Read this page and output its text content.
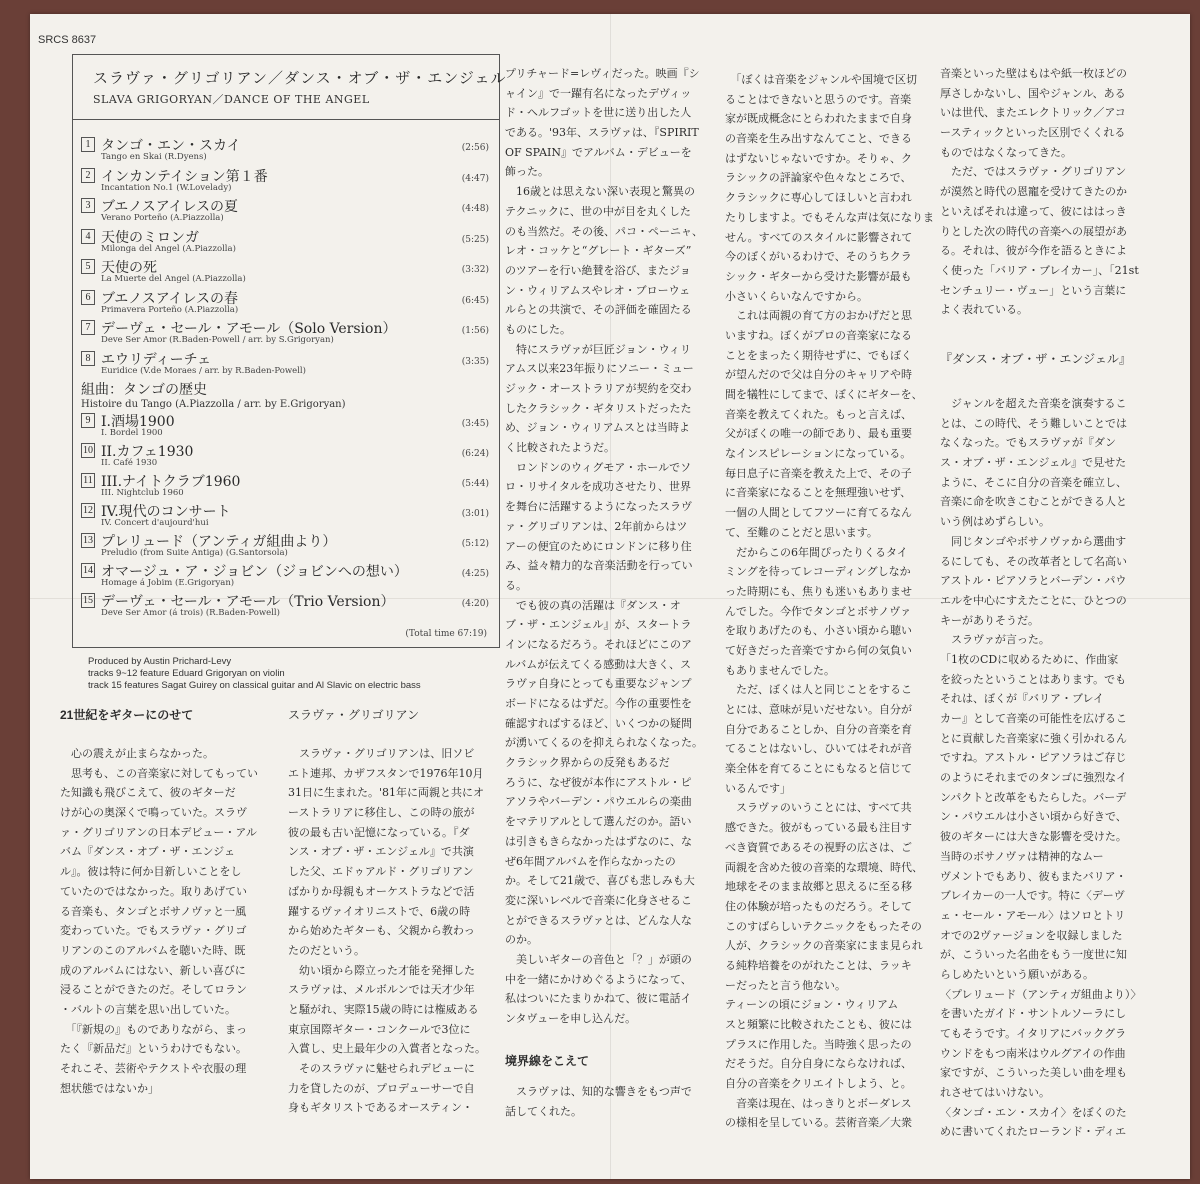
SRCS 8637
スラヴァ・グリゴリアン／ダンス・オブ・ザ・エンジェル
SLAVA GRIGORYAN／DANCE OF THE ANGEL
1 タンゴ・エン・スカイ
Tango en Skai (R.Dyens)
(2:56)
2 インカンテイション第１番
Incantation No.1 (W.Lovelady)
(4:47)
3 ブエノスアイレスの夏
Verano Porteño (A.Piazzolla)
(4:48)
4 天使のミロンガ
Milonga del Angel (A.Piazzolla)
(5:25)
5 天使の死
La Muerte del Angel (A.Piazzolla)
(3:32)
6 ブエノスアイレスの春
Primavera Porteño (A.Piazzolla)
(6:45)
7 デーヴェ・セール・アモール（Solo Version）
Deve Ser Amor (R.Baden-Powell / arr. by S.Grigoryan)
(1:56)
8 エウリディーチェ
Euridice (V.de Moraes / arr. by R.Baden-Powell)
(3:35)
組曲：タンゴの歴史
Histoire du Tango (A.Piazzolla / arr. by E.Grigoryan)
9 I.酒場1900
I. Bordel 1900
(3:45)
10 II.カフェ1930
II. Café 1930
(6:24)
11 III.ナイトクラブ1960
III. Nightclub 1960
(5:44)
12 IV.現代のコンサート
IV. Concert d'aujourd'hui
(3:01)
13 プレリュード（アンティガ組曲より）
Preludio (from Suite Antiga) (G.Santorsola)
(5:12)
14 オマージュ・ア・ジョビン（ジョビンへの想い）
Homage á Jobim (E.Grigoryan)
(4:25)
15 デーヴェ・セール・アモール（Trio Version）
Deve Ser Amor (á trois) (R.Baden-Powell)
(4:20)
(Total time 67:19)
Produced by Austin Prichard-Levy
tracks 9~12 feature Eduard Grigoryan on violin
track 15 features Sagat Guirey on classical guitar and Al Slavic on electric bass
21世紀をギターにのせて	スラヴァ・グリゴリアン
境界線をこえて
『ダンス・オブ・ザ・エンジェル』
　心の震えが止まらなかった。
　思考も、この音楽家に対してもってい
た知識も飛びこえて、彼のギターだ
けが心の奥深くで鳴っていた。スラヴ
ァ・グリゴリアンの日本デビュー・アル
バム『ダンス・オブ・ザ・エンジェ
ル』。彼は特に何か目新しいことをし
ていたのではなかった。取りあげてい
る音楽も、タンゴとボサノヴァと一風
変わっていた。でもスラヴァ・グリゴ
リアンのこのアルバムを聴いた時、既
成のアルバムにはない、新しい喜びに
浸ることができたのだ。そしてロラン
・バルトの言葉を思い出していた。
　「『新規の』ものでありながら、まっ
たく『新品だ』というわけでもない。
それこそ、芸術やテクストや衣服の理
想状態ではないか」
　スラヴァ・グリゴリアンは、旧ソビ
エト連邦、カザフスタンで1976年10月
31日に生まれた。'81年に両親と共にオ
ーストラリアに移住し、この時の旅が
彼の最も古い記憶になっている。『ダ
ンス・オブ・ザ・エンジェル』で共演
した父、エドゥアルド・グリゴリアン
ばかりか母親もオーケストラなどで活
躍するヴァイオリニストで、6歳の時
から始めたギターも、父親から教わっ
たのだという。
　幼い頃から際立った才能を発揮した
スラヴァは、メルボルンでは天才少年
と騒がれ、実際15歳の時には権威ある
東京国際ギター・コンクールで3位に
入賞し、史上最年少の入賞者となった。
　そのスラヴァに魅せられデビューに
力を貸したのが、プロデューサーで自
身もギタリストであるオースティン・
プリチャード=レヴィだった。映画『シ
ャイン』で一躍有名になったデヴィッ
ド・ヘルフゴットを世に送り出した人
である。'93年、スラヴァは、『SPIRIT
OF SPAIN』でアルバム・デビューを
飾った。
　16歳とは思えない深い表現と驚異の
テクニックに、世の中が目を丸くした
のも当然だ。その後、パコ・ペーニャ、
レオ・コッケと“グレート・ギターズ”
のツアーを行い絶賛を浴び、またジョ
ン・ウィリアムスやレオ・ブローウェ
ルらとの共演で、その評価を確固たる
ものにした。
　特にスラヴァが巨匠ジョン・ウィリ
アムス以来23年振りにソニー・ミュー
ジック・オーストラリアが契約を交わ
したクラシック・ギタリストだったた
め、ジョン・ウィリアムスとは当時よ
く比較されたようだ。
　ロンドンのウィグモア・ホールでソ
ロ・リサイタルを成功させたり、世界
を舞台に活躍するようになったスラヴ
ァ・グリゴリアンは、2年前からはツ
アーの便宜のためにロンドンに移り住
み、益々精力的な音楽活動を行ってい
る。
　でも彼の真の活躍は『ダンス・オ
ブ・ザ・エンジェル』が、スタートラ
インになるだろう。それほどにこのア
ルバムが伝えてくる感動は大きく、ス
ラヴァ自身にとっても重要なジャンプ
ボードになるはずだ。今作の重要性を
確認すればするほど、いくつかの疑問
が湧いてくるのを抑えられなくなった。
クラシック界からの反発もあるだ
ろうに、なぜ彼が本作にアストル・ピ
アソラやバーデン・パウエルらの楽曲
をマテリアルとして選んだのか。語い
は引きもきらなかったはずなのに、な
ぜ6年間アルバムを作らなかったの
か。そして21歳で、喜びも悲しみも大
変に深いレベルで音楽に化身させるこ
とができるスラヴァとは、どんな人な
のか。
　美しいギターの音色と「？」が頭の
中を一緒にかけめぐるようになって、
私はついにたまりかねて、彼に電話イ
ンタヴューを申し込んだ。
　スラヴァは、知的な響きをもつ声で
話してくれた。
　「ぼくは音楽をジャンルや国境で区切
ることはできないと思うのです。音楽
家が既成概念にとらわれたままで自身
の音楽を生み出すなんてこと、できる
はずないじゃないですか。そりゃ、ク
ラシックの評論家や色々なところで、
クラシックに専心してほしいと言われ
たりしますよ。でもそんな声は気になりま
せん。すべてのスタイルに影響されて
今のぼくがいるわけで、そのうちクラ
シック・ギターから受けた影響が最も
小さいくらいなんですから。
　これは両親の育て方のおかげだと思
いますね。ぼくがプロの音楽家になる
ことをまったく期待せずに、でもぼく
が望んだので父は自分のキャリアや時
間を犠牲にしてまで、ぼくにギターを、
音楽を教えてくれた。もっと言えば、
父がぼくの唯一の師であり、最も重要
なインスピレーションになっている。
毎日息子に音楽を教えた上で、その子
に音楽家になることを無理強いせず、
一個の人間としてフツーに育てるなん
て、至難のことだと思います。
　だからこの6年間ぴったりくるタイ
ミングを待ってレコーディングしなか
った時期にも、焦りも迷いもありませ
んでした。今作でタンゴとボサノヴァ
を取りあげたのも、小さい頃から聴い
て好きだった音楽ですから何の気負い
もありませんでした。
　ただ、ぼくは人と同じことをするこ
とには、意味が見いだせない。自分が
自分であることしか、自分の音楽を育
てることはないし、ひいてはそれが音
楽全体を育てることにもなると信じて
いるんです」
　スラヴァのいうことには、すべて共
感できた。彼がもっている最も注目す
べき資質であるその視野の広さは、ご
両親を含めた彼の音楽的な環境、時代、
地球をそのまま故郷と思えるに至る移
住の体験が培ったものだろう。そして
このすばらしいテクニックをもったその
人が、クラシックの音楽家にまま見られ
る純粋培養をのがれたことは、ラッキ
ーだったと言う他ない。
ティーンの頃にジョン・ウィリアム
スと頻繁に比較されたことも、彼には
プラスに作用した。当時強く思ったの
だそうだ。自分自身にならなければ、
自分の音楽をクリエイトしよう、と。
　音楽は現在、はっきりとボーダレス
の様相を呈している。芸術音楽／大衆
音楽といった壁はもはや紙一枚ほどの
厚さしかないし、国やジャンル、ある
いは世代、またエレクトリック／アコ
ースティックといった区別でくくれる
ものではなくなってきた。
　ただ、ではスラヴァ・グリゴリアン
が漠然と時代の恩寵を受けてきたのか
といえばそれは違って、彼にははっき
りとした次の時代の音楽への展望があ
る。それは、彼が今作を語るときによ
く使った「バリア・ブレイカー」、「21st
センチュリー・ヴュー」という言葉に
よく表れている。
　ジャンルを超えた音楽を演奏するこ
とは、この時代、そう難しいことでは
なくなった。でもスラヴァが『ダン
ス・オブ・ザ・エンジェル』で見せた
ように、そこに自分の音楽を確立し、
音楽に命を吹きこむことができる人と
いう例はめずらしい。
　同じタンゴやボサノヴァから選曲す
るにしても、その改革者として名高い
アストル・ピアソラとバーデン・パウ
エルを中心にすえたことに、ひとつの
キーがありそうだ。
　スラヴァが言った。
「1枚のCDに収めるために、作曲家
を絞ったということはあります。でも
それは、ぼくが『バリア・ブレイ
カー』として音楽の可能性を広げるこ
とに貢献した音楽家に強く引かれるん
ですね。アストル・ピアソラはご存じ
のようにそれまでのタンゴに強烈なイ
ンパクトと改革をもたらした。バーデ
ン・パウエルは小さい頃から好きで、
彼のギターには大きな影響を受けた。
当時のボサノヴァは精神的なムー
ヴメントでもあり、彼もまたバリア・
ブレイカーの一人です。特に〈デーヴ
ェ・セール・アモール〉はソロとトリ
オでの2ヴァージョンを収録しました
が、こういった名曲をもう一度世に知
らしめたいという願いがある。
〈プレリュード（アンティガ組曲より）〉
を書いたガイド・サントルソーラにし
てもそうです。イタリアにバックグラ
ウンドをもつ南米はウルグアイの作曲
家ですが、こういった美しい曲を埋も
れさせてはいけない。
〈タンゴ・エン・スカイ〉をぼくのた
めに書いてくれたローランド・ディエ
